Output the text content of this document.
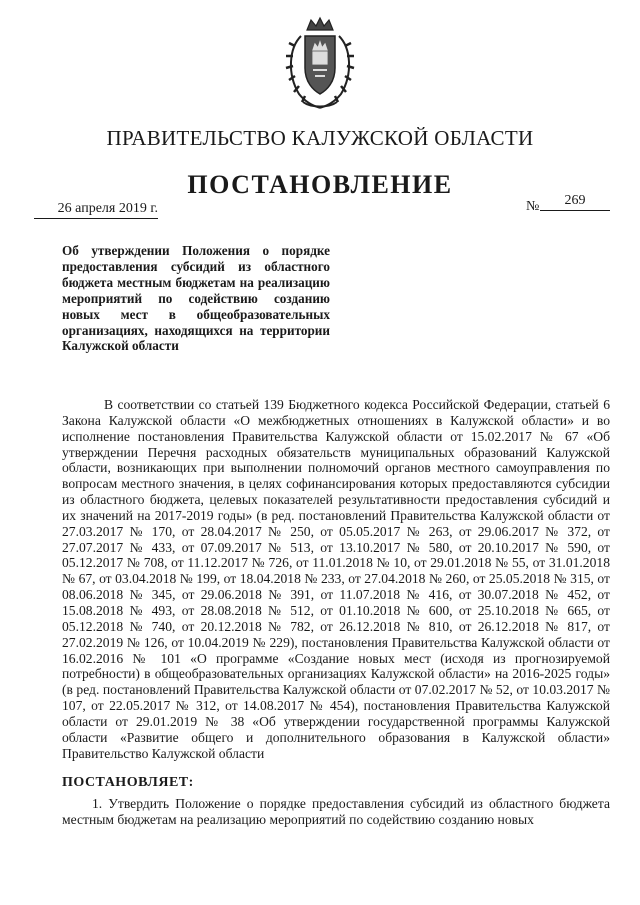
ПРАВИТЕЛЬСТВО КАЛУЖСКОЙ ОБЛАСТИ
ПОСТАНОВЛЕНИЕ
26 апреля 2019 г.	№	269
Об утверждении Положения о порядке предоставления субсидий из областного бюджета местным бюджетам на реализацию мероприятий по содействию созданию новых мест в общеобразовательных организациях, находящихся на территории Калужской области

В соответствии со статьей 139 Бюджетного кодекса Российской Федерации, статьей 6 Закона Калужской области «О межбюджетных отношениях в Калужской области» и во исполнение постановления Правительства Калужской области от 15.02.2017 № 67 «Об утверждении Перечня расходных обязательств муниципальных образований Калужской области, возникающих при выполнении полномочий органов местного самоуправления по вопросам местного значения, в целях софинансирования которых предоставляются субсидии из областного бюджета, целевых показателей результативности предоставления субсидий и их значений на 2017-2019 годы» (в ред. постановлений Правительства Калужской области от 27.03.2017 № 170, от 28.04.2017 № 250, от 05.05.2017 № 263, от 29.06.2017 № 372, от 27.07.2017 № 433, от 07.09.2017 № 513, от 13.10.2017 № 580, от 20.10.2017 № 590, от 05.12.2017 № 708, от 11.12.2017 № 726, от 11.01.2018 № 10, от 29.01.2018 № 55, от 31.01.2018 № 67, от 03.04.2018 № 199, от 18.04.2018 № 233, от 27.04.2018 № 260, от 25.05.2018 № 315, от 08.06.2018 № 345, от 29.06.2018 № 391, от 11.07.2018 № 416, от 30.07.2018 № 452, от 15.08.2018 № 493, от 28.08.2018 № 512, от 01.10.2018 № 600, от 25.10.2018 № 665, от 05.12.2018 № 740, от 20.12.2018 № 782, от 26.12.2018 № 810, от 26.12.2018 № 817, от 27.02.2019 № 126, от 10.04.2019 № 229), постановления Правительства Калужской области от 16.02.2016 № 101 «О программе «Создание новых мест (исходя из прогнозируемой потребности) в общеобразовательных организациях Калужской области» на 2016-2025 годы» (в ред. постановлений Правительства Калужской области от 07.02.2017 № 52, от 10.03.2017 № 107, от 22.05.2017 № 312, от 14.08.2017 № 454), постановления Правительства Калужской области от 29.01.2019 № 38 «Об утверждении государственной программы Калужской области «Развитие общего и дополнительного образования в Калужской области» Правительство Калужской области

ПОСТАНОВЛЯЕТ:

1. Утвердить Положение о порядке предоставления субсидий из областного бюджета местным бюджетам на реализацию мероприятий по содействию созданию новых
